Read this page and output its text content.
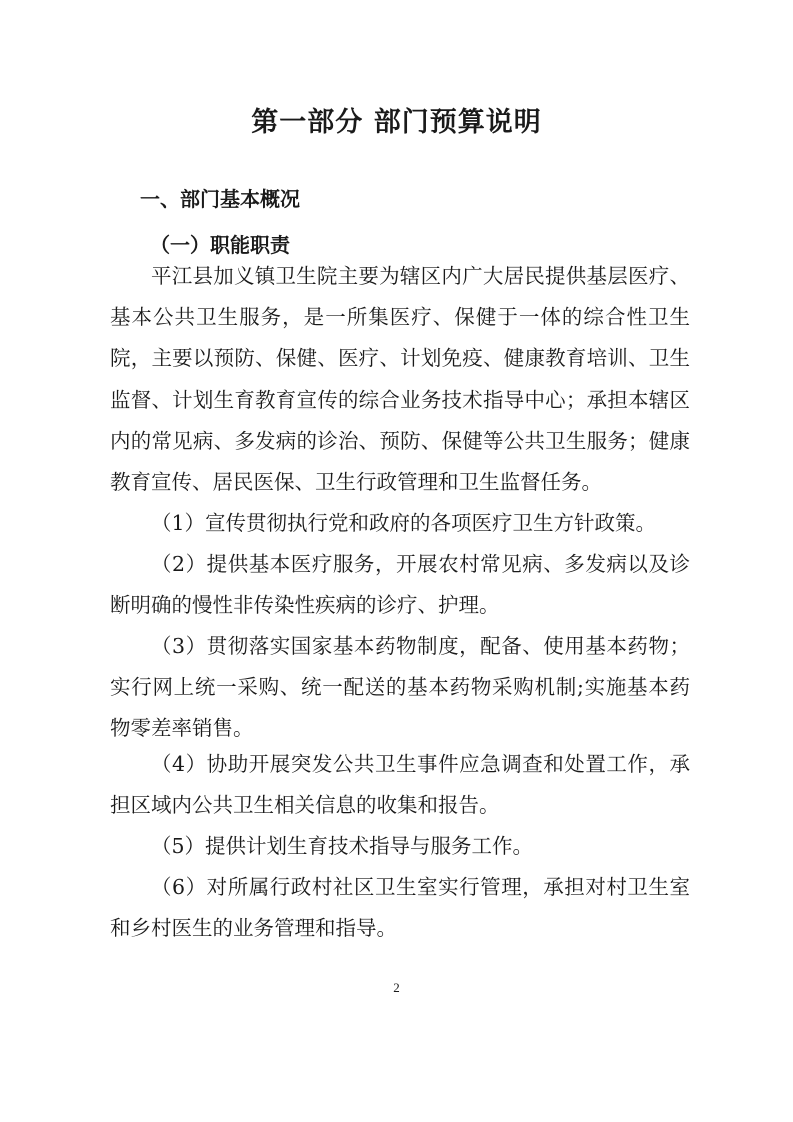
第一部分 部门预算说明
一、部门基本概况
（一）职能职责

平江县加义镇卫生院主要为辖区内广大居民提供基层医疗、基本公共卫生服务，是一所集医疗、保健于一体的综合性卫生院，主要以预防、保健、医疗、计划免疫、健康教育培训、卫生监督、计划生育教育宣传的综合业务技术指导中心；承担本辖区内的常见病、多发病的诊治、预防、保健等公共卫生服务；健康教育宣传、居民医保、卫生行政管理和卫生监督任务。

（1）宣传贯彻执行党和政府的各项医疗卫生方针政策。

（2）提供基本医疗服务，开展农村常见病、多发病以及诊断明确的慢性非传染性疾病的诊疗、护理。

（3）贯彻落实国家基本药物制度，配备、使用基本药物；实行网上统一采购、统一配送的基本药物采购机制;实施基本药物零差率销售。

（4）协助开展突发公共卫生事件应急调查和处置工作，承担区域内公共卫生相关信息的收集和报告。

（5）提供计划生育技术指导与服务工作。

（6）对所属行政村社区卫生室实行管理，承担对村卫生室和乡村医生的业务管理和指导。

2
